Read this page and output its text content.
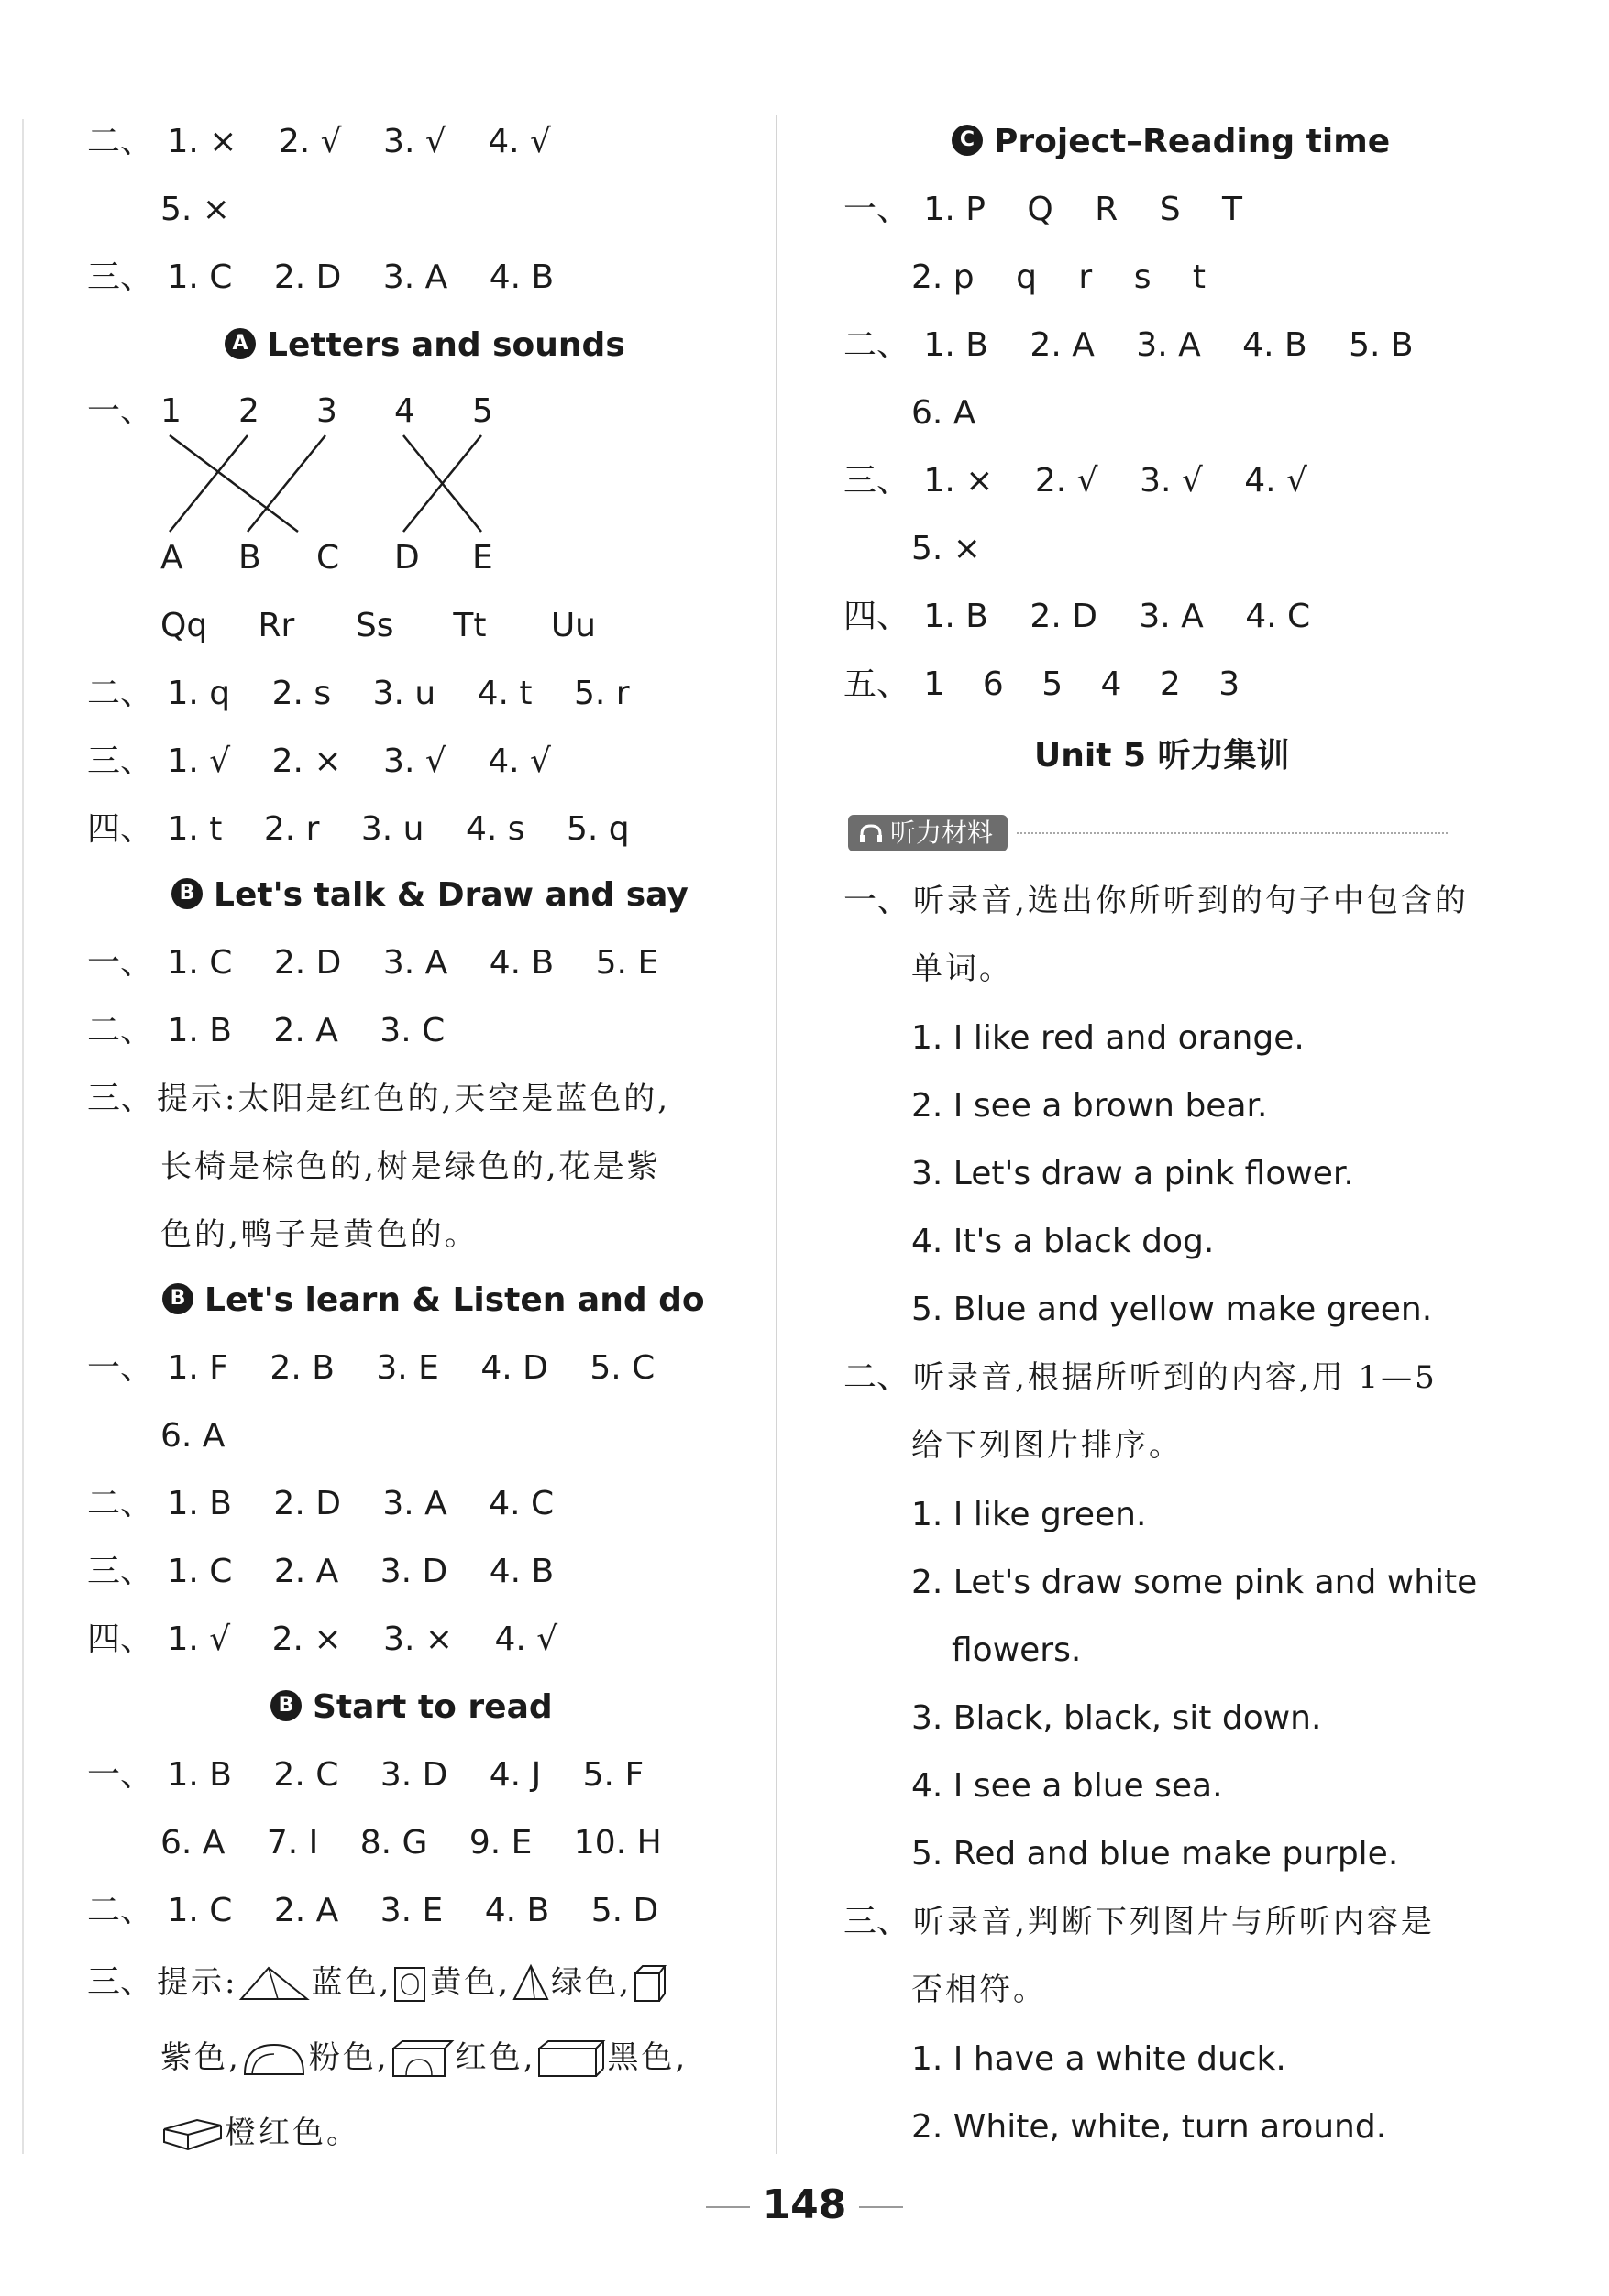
二、 1. × 2. √ 3. √ 4. √
5. ×
三、 1. C 2. D 3. A 4. B
A Letters and sounds
一、 1 2 3 4 5
A B C D E
Qq Rr Ss Tt Uu
二、 1. q 2. s 3. u 4. t 5. r
三、 1. √ 2. × 3. √ 4. √
四、 1. t 2. r 3. u 4. s 5. q
B Let's talk & Draw and say
一、 1. C 2. D 3. A 4. B 5. E
二、 1. B 2. A 3. C
三、 提示:太阳是红色的,天空是蓝色的,
长椅是棕色的,树是绿色的,花是紫
色的,鸭子是黄色的。
B Let's learn & Listen and do
一、 1. F 2. B 3. E 4. D 5. C
6. A
二、 1. B 2. D 3. A 4. C
三、 1. C 2. A 3. D 4. B
四、 1. √ 2. × 3. × 4. √
B Start to read
一、 1. B 2. C 3. D 4. J 5. F
6. A 7. I 8. G 9. E 10. H
二、 1. C 2. A 3. E 4. B 5. D
三、 提示: 蓝色, 黄色, 绿色,
紫色, 粉色, 红色, 黑色,
橙红色。
C Project–Reading time
一、 1. P Q R S T
2. p q r s t
二、 1. B 2. A 3. A 4. B 5. B
6. A
三、 1. × 2. √ 3. √ 4. √
5. ×
四、 1. B 2. D 3. A 4. C
五、 1 6 5 4 2 3
Unit 5 听力集训
听力材料
一、 听录音,选出你所听到的句子中包含的
单词。
1. I like red and orange.
2. I see a brown bear.
3. Let's draw a pink flower.
4. It's a black dog.
5. Blue and yellow make green.
二、 听录音,根据所听到的内容,用 1—5
给下列图片排序。
1. I like green.
2. Let's draw some pink and white
flowers.
3. Black, black, sit down.
4. I see a blue sea.
5. Red and blue make purple.
三、 听录音,判断下列图片与所听内容是
否相符。
1. I have a white duck.
2. White, white, turn around.
148
